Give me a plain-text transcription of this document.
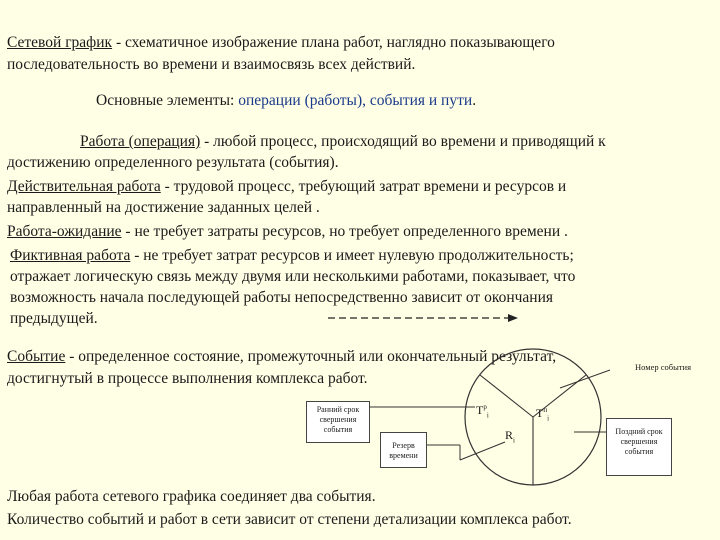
Сетевой график - схематичное изображение плана работ, наглядно показывающего
последовательность во времени и взаимосвязь всех действий.
Основные элементы: операции (работы), события и пути.
Работа (операция) - любой процесс, происходящий во времени и приводящий к
достижению определенного результата (события).
Действительная работа - трудовой процесс, требующий затрат времени и ресурсов и
направленный на достижение заданных целей .
Работа-ожидание - не требует затраты ресурсов, но требует определенного времени .
Фиктивная работа - не требует затрат ресурсов и имеет нулевую продолжительность;
отражает логическую связь между двумя или несколькими работами, показывает, что
возможность начала последующей работы непосредственно зависит от окончания
предыдущей.
Событие - определенное состояние, промежуточный или окончательный результат,
достигнутый в процессе выполнения комплекса работ.
Номер события
$Т^р_i$	$Т^п_i$
$R_i$
Ранний срок свершения события
Резерв времени
Поздний срок свершения события
Любая работа сетевого графика соединяет два события.
Количество событий и работ в сети зависит от степени детализации комплекса работ.
